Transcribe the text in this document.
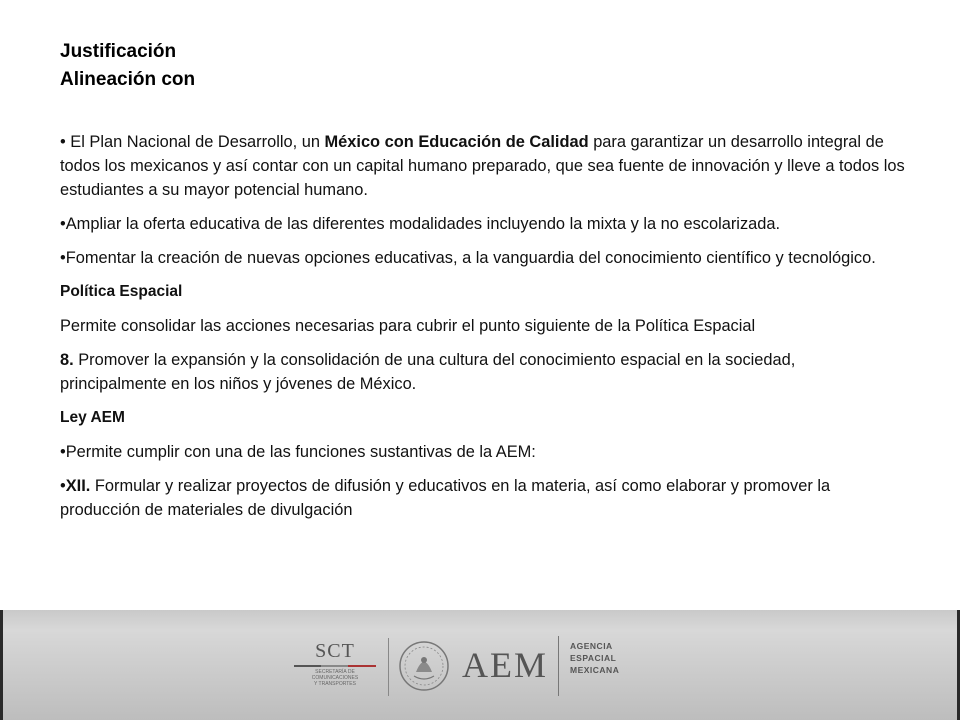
Justificación
Alineación con

• El Plan Nacional de Desarrollo, un México con Educación de Calidad para garantizar un desarrollo integral de todos los mexicanos y así contar con un capital humano preparado, que sea fuente de innovación y lleve a todos los estudiantes a su mayor potencial humano.

•Ampliar la oferta educativa de las diferentes modalidades incluyendo la mixta y la no escolarizada.

•Fomentar la creación de nuevas opciones educativas, a la vanguardia del conocimiento científico y tecnológico.

Política Espacial

Permite consolidar las acciones necesarias para cubrir el punto siguiente de la Política Espacial

8. Promover la expansión y la consolidación de una cultura del conocimiento espacial en la sociedad, principalmente en los niños y jóvenes de México.

Ley AEM

•Permite cumplir con una de las funciones sustantivas de la AEM:

•XII. Formular y realizar proyectos de difusión y educativos en la materia, así como elaborar y promover la producción de materiales de divulgación

SCT
SECRETARÍA DE
COMUNICACIONES
Y TRANSPORTES	AEM	AGENCIA
ESPACIAL
MEXICANA
